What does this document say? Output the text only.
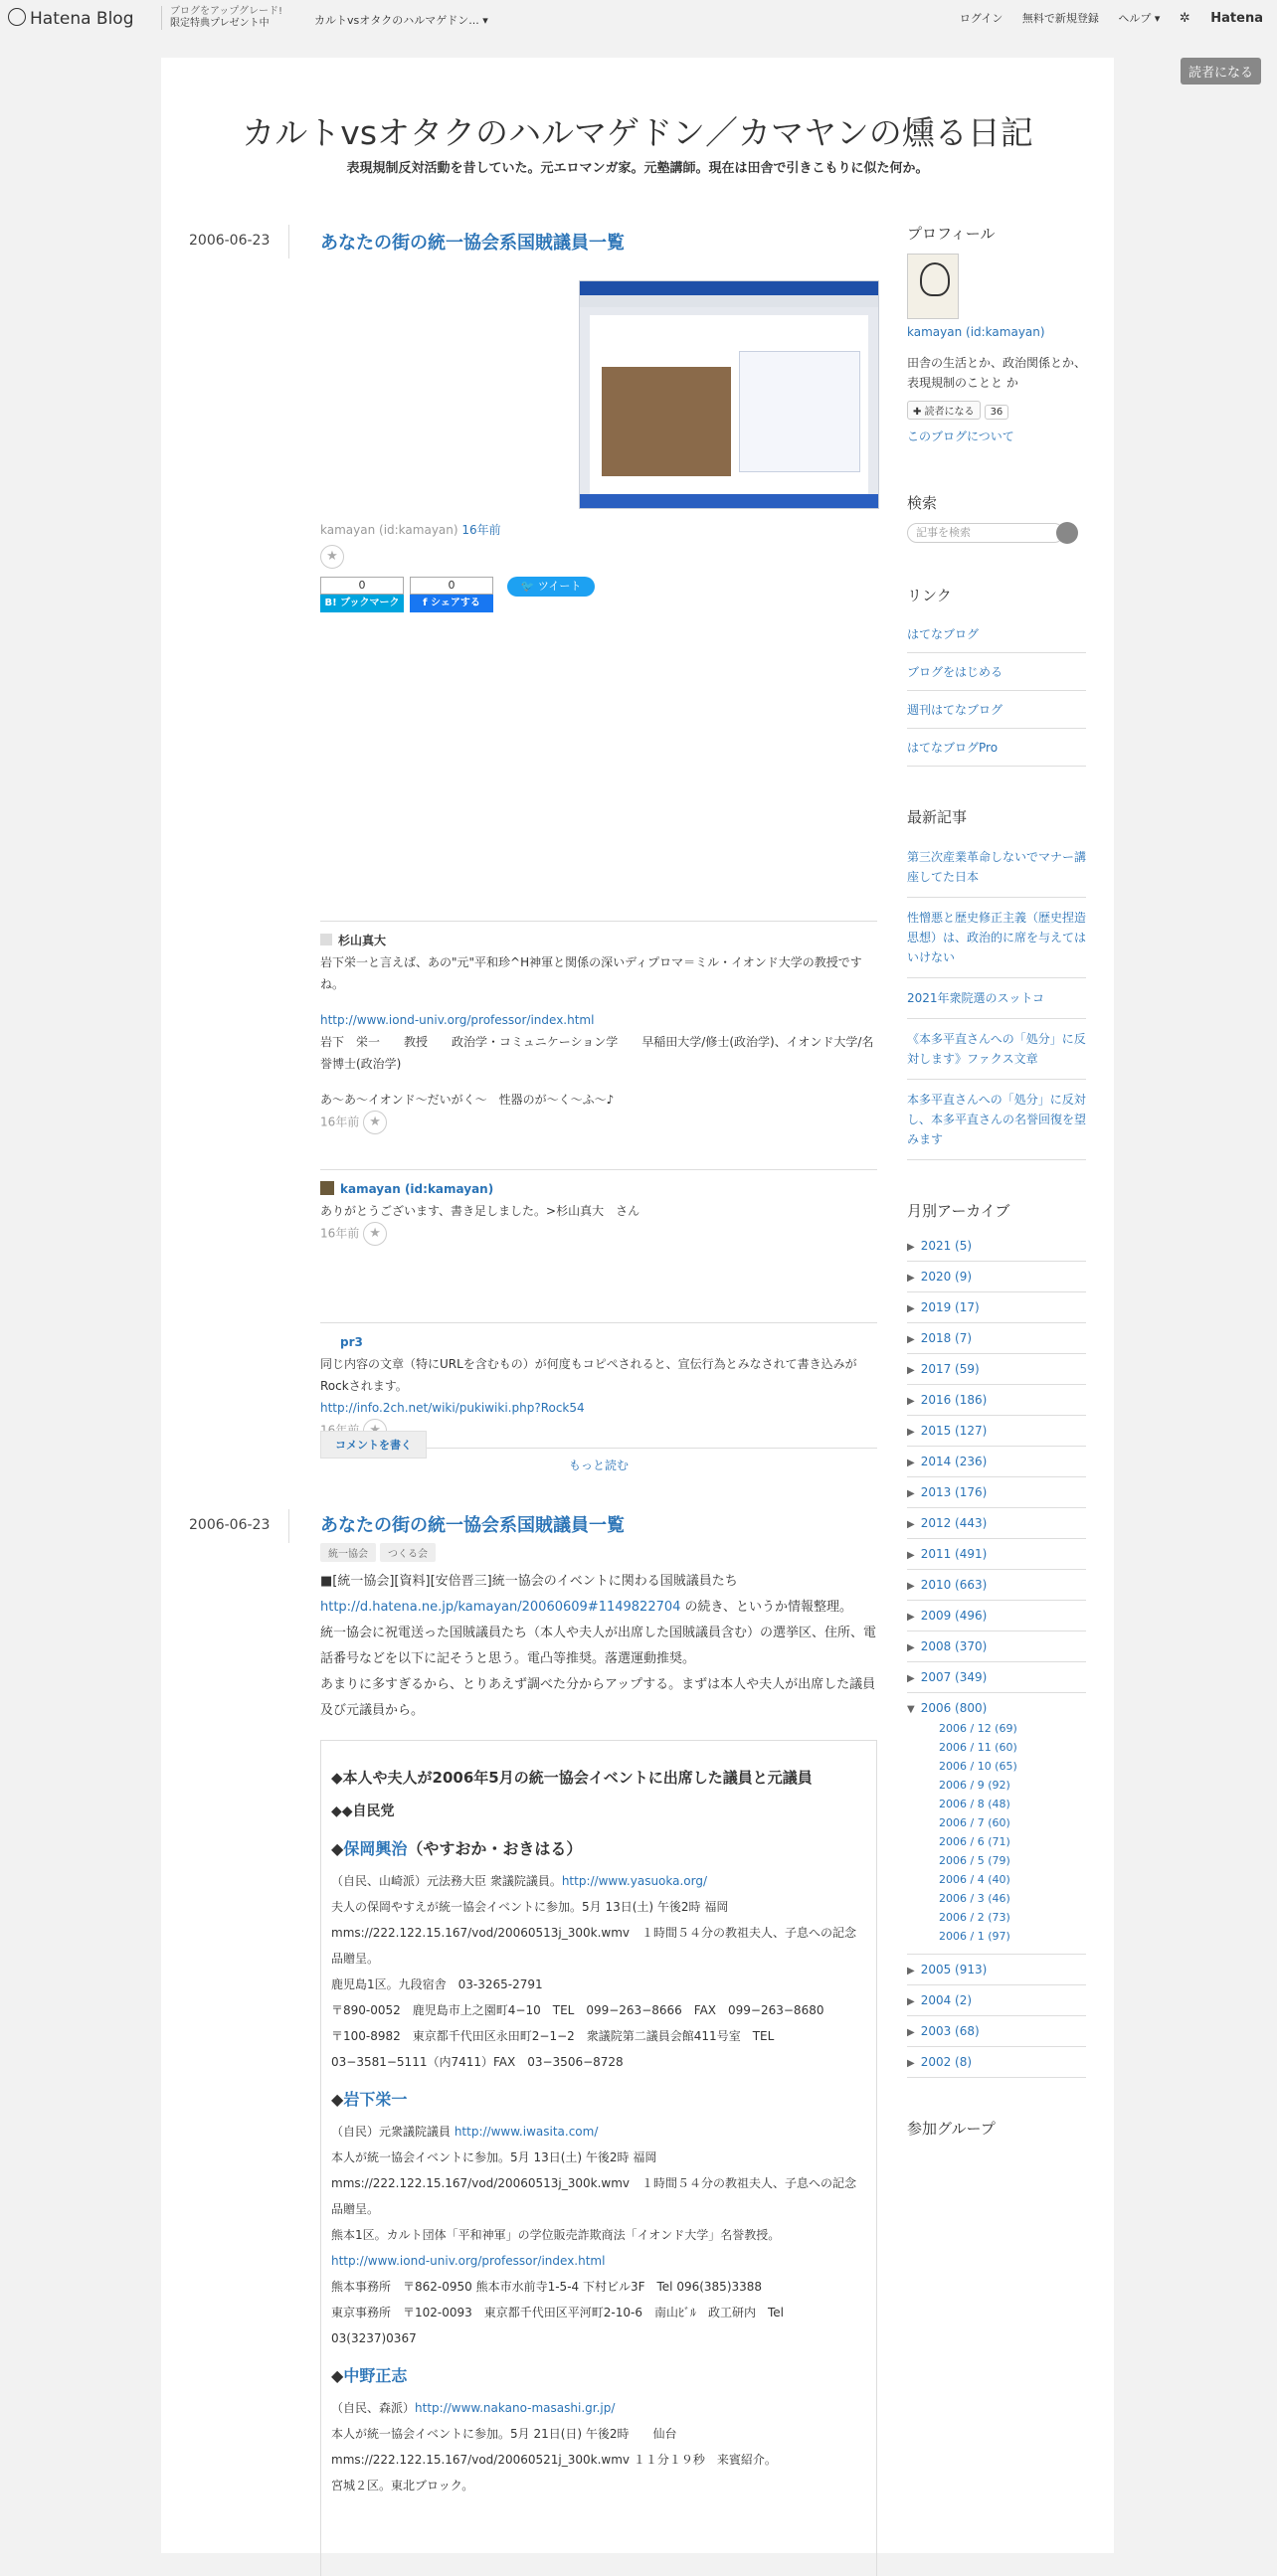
Hatena Blog	ブログをアップグレード!
限定特典プレゼント中	カルトvsオタクのハルマゲドン... ▾	ログイン 無料で新規登録 ヘルプ ▾ ✲ Hatena
カルトvsオタクのハルマゲドン／カマヤンの燻る日記
表現規制反対活動を昔していた。元エロマンガ家。元塾講師。現在は田舎で引きこもりに似た何か。
2006-06-23	あなたの街の統一協会系国賊議員一覧
kamayan (id:kamayan) 16年前
★
0
B! ブックマーク
0
f シェアする
🐦 ツイート
杉山真大
岩下栄一と言えば、あの"元"平和珍^H神軍と関係の深いディプロマ＝ミル・イオンド大学の教授ですね。
http://www.iond-univ.org/professor/index.html
岩下　栄一　　教授　　政治学・コミュニケーション学　　早稲田大学/修士(政治学)、イオンド大学/名誉博士(政治学)
あ〜あ〜イオンド〜だいがく〜　性器のが〜く〜ふ〜♪
16年前 ★
kamayan (id:kamayan)
ありがとうございます、書き足しました。>杉山真大　さん
16年前 ★
pr3
同じ内容の文章（特にURLを含むもの）が何度もコピペされると、宣伝行為とみなされて書き込みがRockされます。
http://info.2ch.net/wiki/pukiwiki.php?Rock54
もっと読む
コメントを書く
2006-06-23	あなたの街の統一協会系国賊議員一覧
統一協会 つくる会
■[統一協会][資料][安倍晋三]統一協会のイベントに関わる国賊議員たち
http://d.hatena.ne.jp/kamayan/20060609#1149822704 の続き、というか情報整理。
統一協会に祝電送った国賊議員たち（本人や夫人が出席した国賊議員含む）の選挙区、住所、電話番号などを以下に記そうと思う。電凸等推奨。落選運動推奨。
あまりに多すぎるから、とりあえず調べた分からアップする。まずは本人や夫人が出席した議員及び元議員から。
◆本人や夫人が2006年5月の統一協会イベントに出席した議員と元議員
◆◆自民党
◆保岡興治（やすおか・おきはる）
（自民、山崎派）元法務大臣 衆議院議員。http://www.yasuoka.org/
夫人の保岡やすえが統一協会イベントに参加。5月 13日(土) 午後2時 福岡
mms://222.122.15.167/vod/20060513j_300k.wmv　１時間５４分の教祖夫人、子息への記念品贈呈。
鹿児島1区。九段宿舎　03-3265-2791
〒890-0052　鹿児島市上之園町4−10　TEL　099−263−8666　FAX　099−263−8680
〒100-8982　東京都千代田区永田町2−1−2　衆議院第二議員会館411号室　TEL　03−3581−5111（内7411）FAX　03−3506−8728
◆岩下栄一
（自民）元衆議院議員 http://www.iwasita.com/
本人が統一協会イベントに参加。5月 13日(土) 午後2時 福岡
mms://222.122.15.167/vod/20060513j_300k.wmv　１時間５４分の教祖夫人、子息への記念品贈呈。
熊本1区。カルト団体「平和神軍」の学位販売詐欺商法「イオンド大学」名誉教授。
http://www.iond-univ.org/professor/index.html
熊本事務所　〒862-0950 熊本市水前寺1-5-4 下村ビル3F　Tel 096(385)3388
東京事務所　〒102-0093　東京都千代田区平河町2-10-6　南山ﾋﾞﾙ　政工研内　Tel 03(3237)0367
◆中野正志
（自民、森派）http://www.nakano-masashi.gr.jp/
本人が統一協会イベントに参加。5月 21日(日) 午後2時　　仙台
mms://222.122.15.167/vod/20060521j_300k.wmv １１分１９秒　来賓紹介。
宮城２区。東北ブロック。
プロフィール
kamayan (id:kamayan)
田舎の生活とか、政治関係とか、表現規制のことと か
✚ 読者になる 36
このブログについて
検索
記事を検索
リンク
はてなブログ
ブログをはじめる
週刊はてなブログ
はてなブログPro
最新記事
第三次産業革命しないでマナー講座してた日本
性憎悪と歴史修正主義（歴史捏造思想）は、政治的に席を与えてはいけない
2021年衆院選のスットコ
《本多平直さんへの「処分」に反対します》ファクス文章
本多平直さんへの「処分」に反対し、本多平直さんの名誉回復を望みます
月別アーカイブ
▶ 2021 (5)
▶ 2020 (9)
▶ 2019 (17)
▶ 2018 (7)
▶ 2017 (59)
▶ 2016 (186)
▶ 2015 (127)
▶ 2014 (236)
▶ 2013 (176)
▶ 2012 (443)
▶ 2011 (491)
▶ 2010 (663)
▶ 2009 (496)
▶ 2008 (370)
▶ 2007 (349)
▼ 2006 (800)
2006 / 12 (69)
2006 / 11 (60)
2006 / 10 (65)
2006 / 9 (92)
2006 / 8 (48)
2006 / 7 (60)
2006 / 6 (71)
2006 / 5 (79)
2006 / 4 (40)
2006 / 3 (46)
2006 / 2 (73)
2006 / 1 (97)
▶ 2005 (913)
▶ 2004 (2)
▶ 2003 (68)
▶ 2002 (8)
参加グループ
読者になる
